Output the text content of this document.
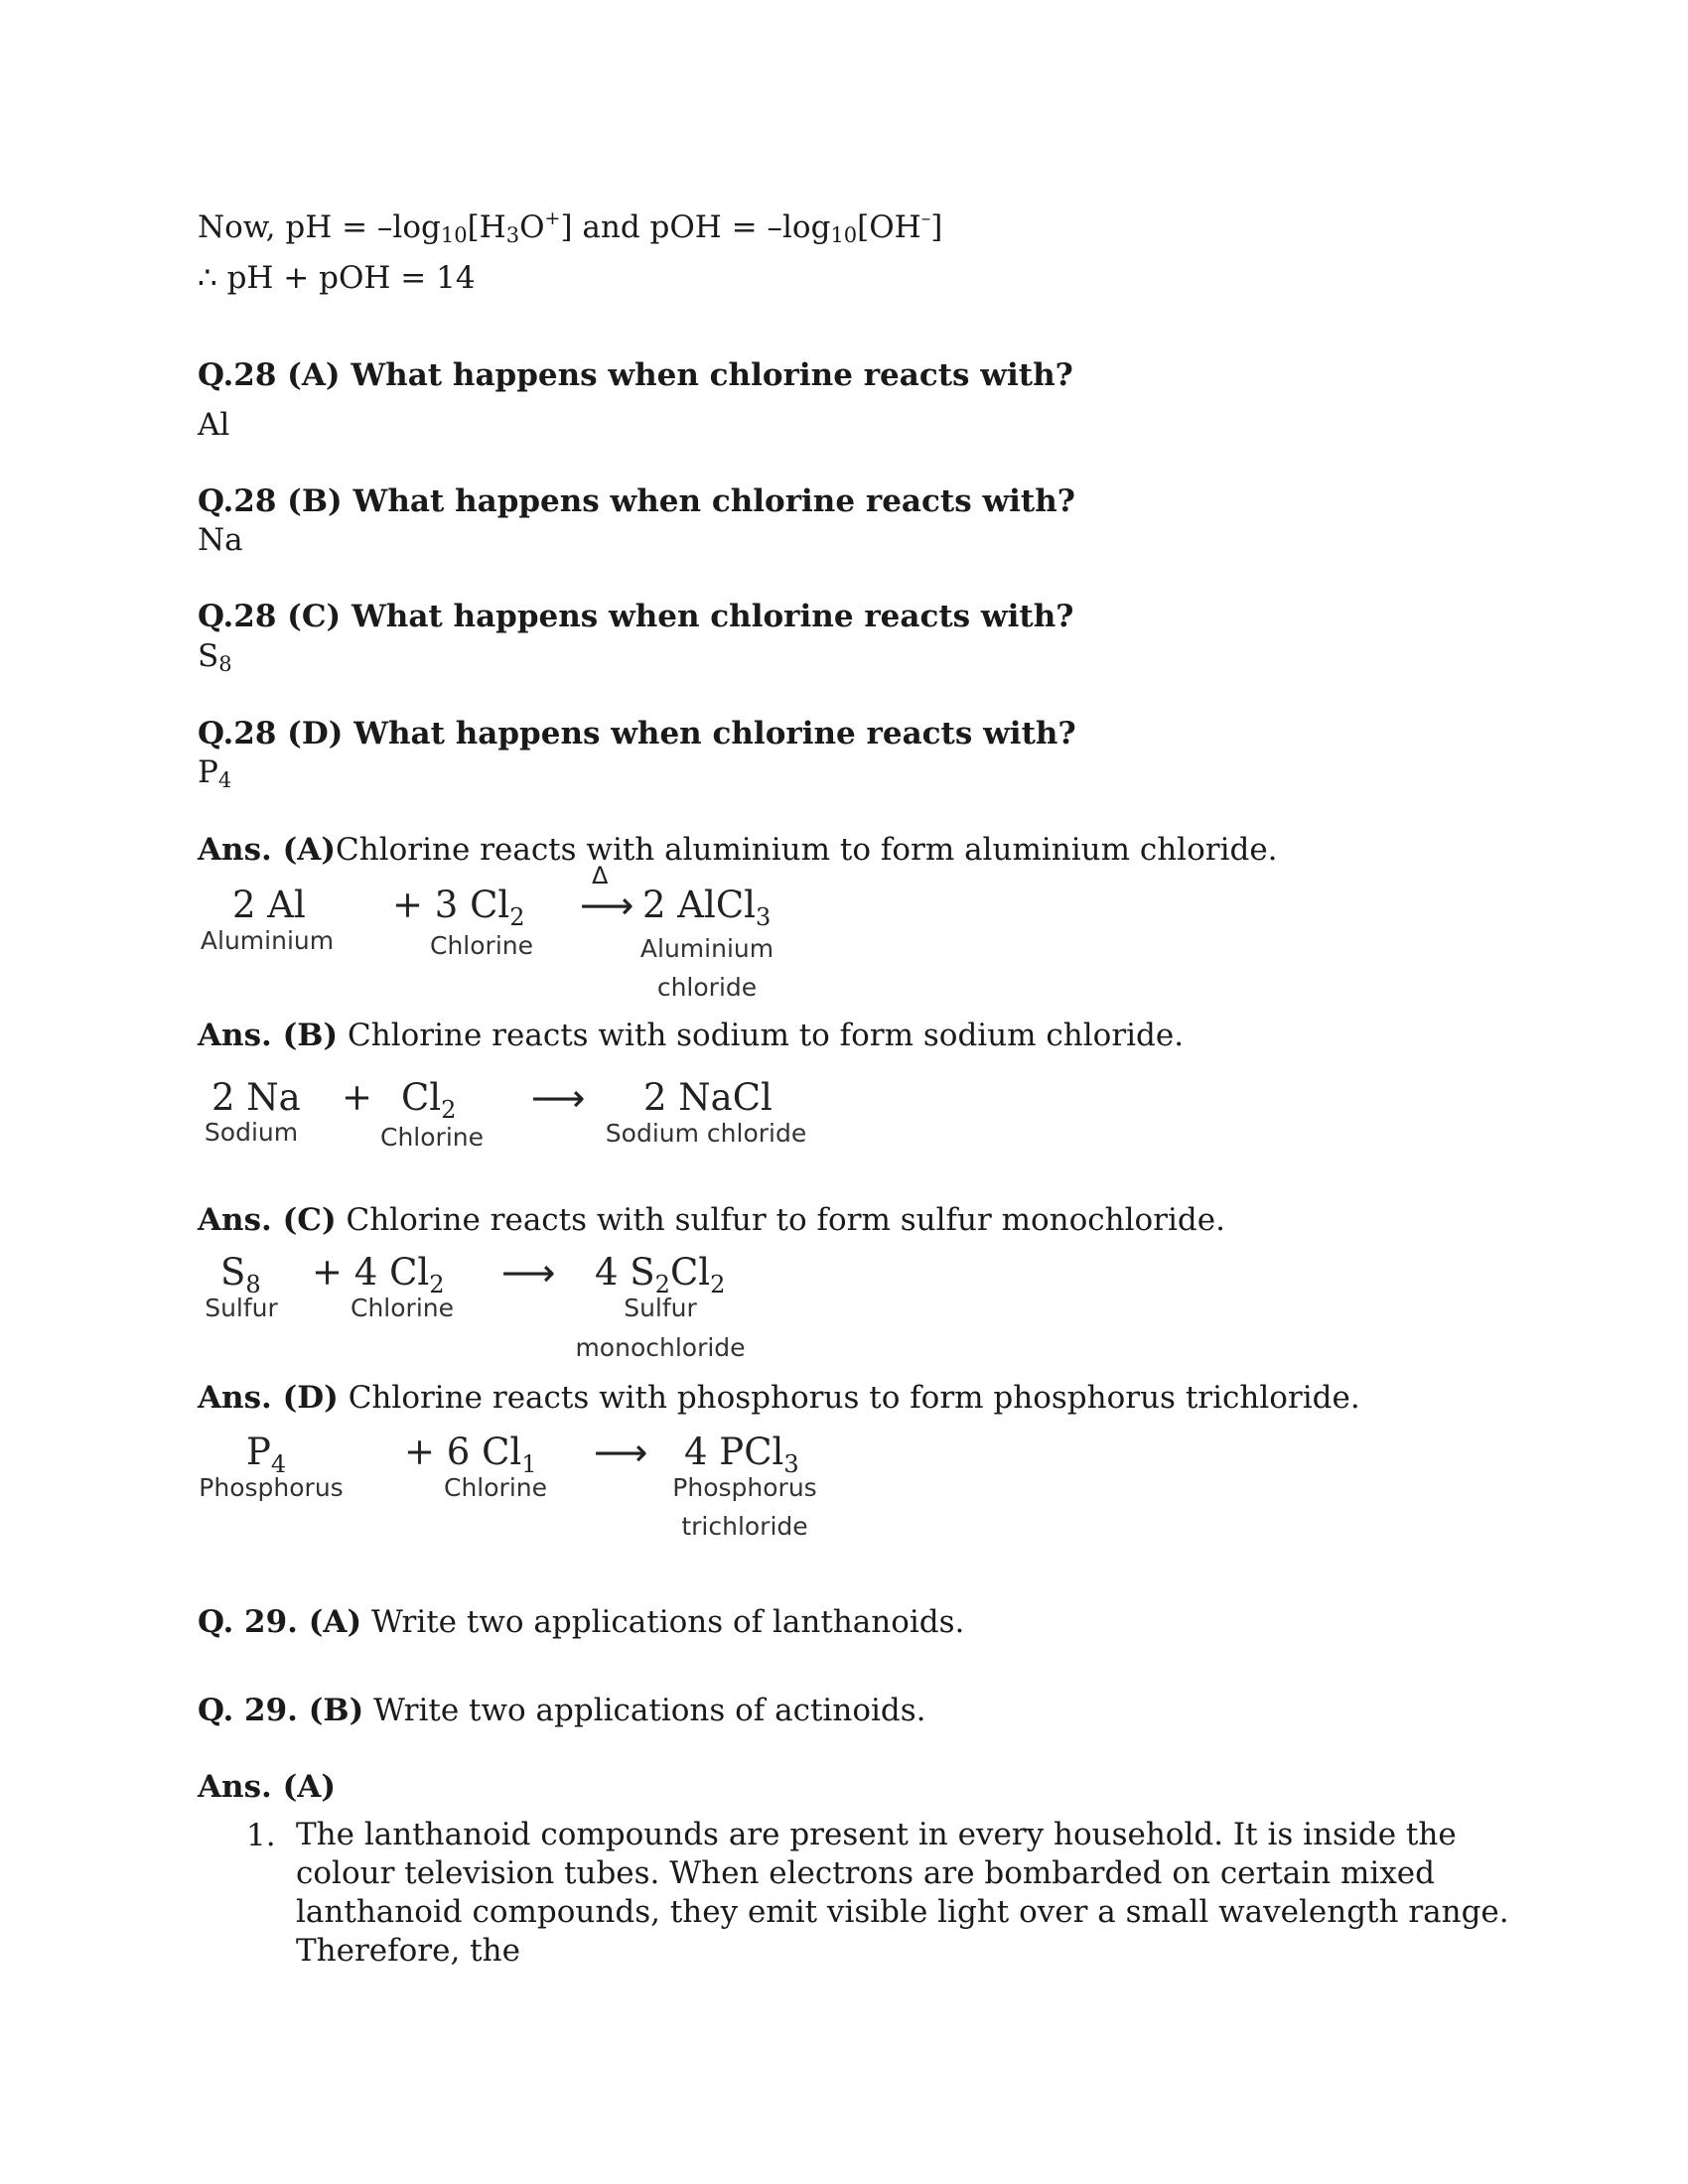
Now, pH = $-\log_{10}[H_3O^+]$ and pOH = $-\log_{10}[OH^-]$
∴ pH + pOH = 14
Q.28 (A) What happens when chlorine reacts with?
Al
Q.28 (B) What happens when chlorine reacts with?
Na
Q.28 (C) What happens when chlorine reacts with?
$S_8$
Q.28 (D) What happens when chlorine reacts with?
$P_4$
Ans. (A)Chlorine reacts with aluminium to form aluminium chloride.
2 Al
Aluminium
+ 3 $Cl_2$
Chlorine
Δ
⟶ 2 AlCl$_3$
Aluminium
chloride
Ans. (B) Chlorine reacts with sodium to form sodium chloride.
2 Na
Sodium
+ $Cl_2$
Chlorine
⟶ 2 NaCl
Sodium chloride
Ans. (C) Chlorine reacts with sulfur to form sulfur monochloride.
$S_8$
Sulfur
+ 4 $Cl_2$
Chlorine
⟶ 4 $S_2Cl_2$
Sulfur
monochloride
Ans. (D) Chlorine reacts with phosphorus to form phosphorus trichloride.
$P_4$
Phosphorus
+ 6 $Cl_1$
Chlorine
⟶ 4 PCl$_3$
Phosphorus
trichloride
Q. 29. (A) Write two applications of lanthanoids.
Q. 29. (B) Write two applications of actinoids.
Ans. (A)
1. The lanthanoid compounds are present in every household. It is inside the colour television tubes. When electrons are bombarded on certain mixed lanthanoid compounds, they emit visible light over a small wavelength range. Therefore, the
